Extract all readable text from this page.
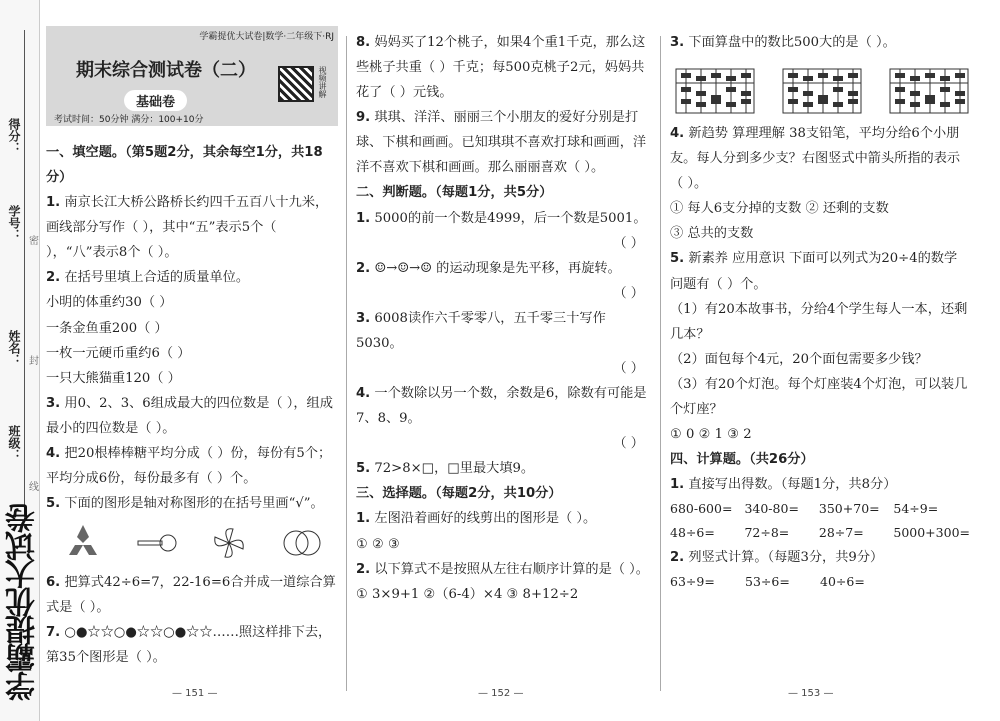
得分：
学号：
姓名：
班级：
密
封
线
学霸提优大试卷
学霸提优大试卷|数学·二年级下·RJ
期末综合测试卷（二）
基础卷
考试时间：50分钟 满分：100+10分
视频讲解
一、填空题。（第5题2分，其余每空1分，共18分）
1. 南京长江大桥公路桥长约四千五百八十九米，画线部分写作（ ），其中“五”表示5个（ ），“八”表示8个（ ）。
2. 在括号里填上合适的质量单位。
小明的体重约30（ ）
一条金鱼重200（ ）
一枚一元硬币重约6（ ）
一只大熊猫重120（ ）
3. 用0、2、3、6组成最大的四位数是（ ），组成最小的四位数是（ ）。
4. 把20根棒棒糖平均分成（ ）份，每份有5个；平均分成6份，每份最多有（ ）个。
5. 下面的图形是轴对称图形的在括号里画“√”。
6. 把算式42÷6=7，22-16=6合并成一道综合算式是（ ）。
7. ○●☆☆○●☆☆○●☆☆……照这样排下去，第35个图形是（ ）。
8. 妈妈买了12个桃子，如果4个重1千克，那么这些桃子共重（ ）千克；每500克桃子2元，妈妈共花了（ ）元钱。
9. 琪琪、洋洋、丽丽三个小朋友的爱好分别是打球、下棋和画画。已知琪琪不喜欢打球和画画，洋洋不喜欢下棋和画画。那么丽丽喜欢（ ）。
二、判断题。（每题1分，共5分）
1. 5000的前一个数是4999，后一个数是5001。
（ ）
2. ☺→☺→☺ 的运动现象是先平移，再旋转。
（ ）
3. 6008读作六千零零八，五千零三十写作5030。
（ ）
4. 一个数除以另一个数，余数是6，除数有可能是7、8、9。
（ ）
5. 72>8×□，□里最大填9。
三、选择题。（每题2分，共10分）
1. 左图沿着画好的线剪出的图形是（ ）。
① ② ③
2. 以下算式不是按照从左往右顺序计算的是（ ）。
① 3×9+1 ②（6-4）×4 ③ 8+12÷2
3. 下面算盘中的数比500大的是（ ）。
4. 新趋势 算理理解 38支铅笔，平均分给6个小朋友。每人分到多少支？右图竖式中箭头所指的表示（ ）。
① 每人6支分掉的支数 ② 还剩的支数
③ 总共的支数
5. 新素养 应用意识 下面可以列式为20÷4的数学问题有（ ）个。
（1）有20本故事书，分给4个学生每人一本，还剩几本？
（2）面包每个4元，20个面包需要多少钱？
（3）有20个灯泡。每个灯座装4个灯泡，可以装几个灯座？
① 0 ② 1 ③ 2
四、计算题。（共26分）
1. 直接写出得数。（每题1分，共8分）
680-600= 340-80=	350+70=	54÷9=
48÷6=	72÷8=	28÷7=	5000+300=
2. 列竖式计算。（每题3分，共9分）
63÷9=	53÷6=	40÷6=
— 151 —	— 152 —	— 153 —
